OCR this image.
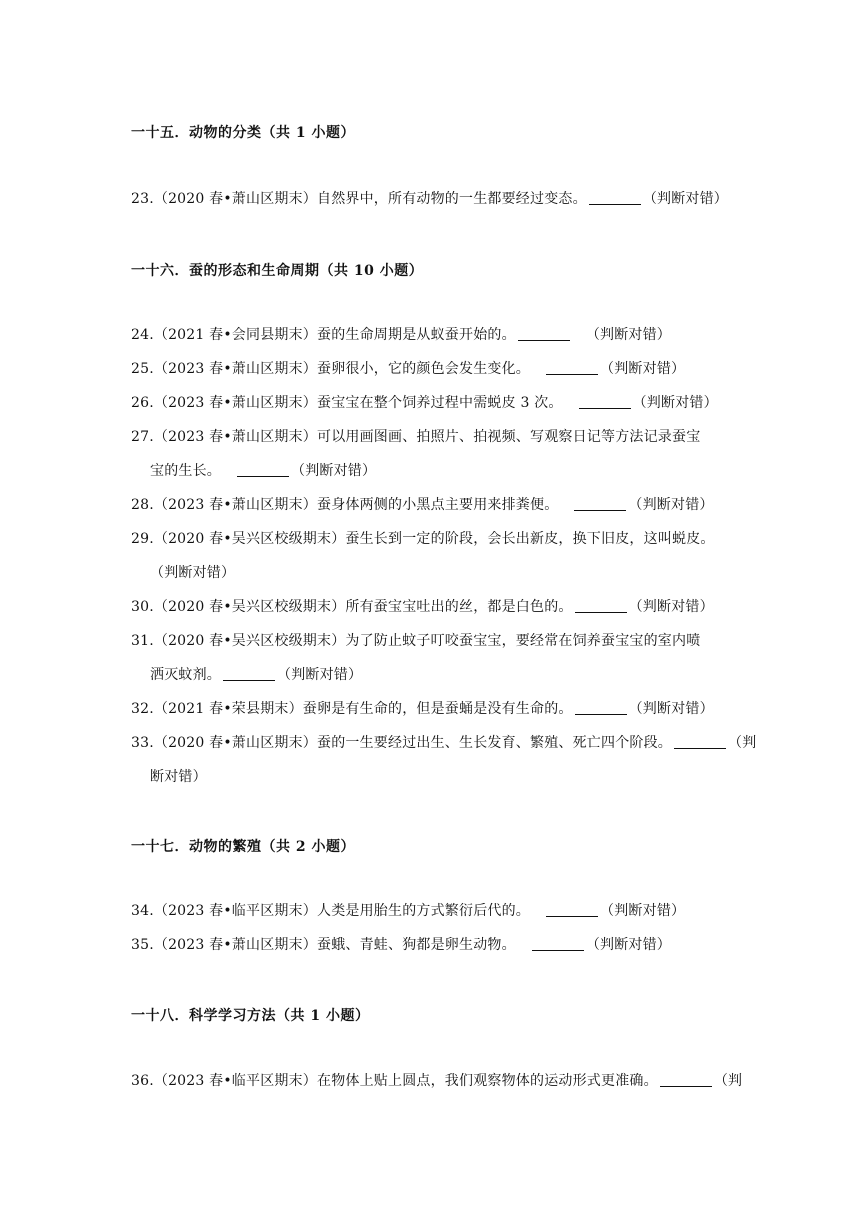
一十五．动物的分类（共 1 小题）
23.（2020 春•萧山区期末）自然界中，所有动物的一生都要经过变态。	（判断对错）
一十六．蚕的形态和生命周期（共 10 小题）
24.（2021 春•会同县期末）蚕的生命周期是从蚁蚕开始的。	（判断对错）
25.（2023 春•萧山区期末）蚕卵很小，它的颜色会发生变化。	（判断对错）
26.（2023 春•萧山区期末）蚕宝宝在整个饲养过程中需蜕皮 3 次。	（判断对错）
27.（2023 春•萧山区期末）可以用画图画、拍照片、拍视频、写观察日记等方法记录蚕宝
宝的生长。	（判断对错）
28.（2023 春•萧山区期末）蚕身体两侧的小黑点主要用来排粪便。	（判断对错）
29.（2020 春•吴兴区校级期末）蚕生长到一定的阶段，会长出新皮，换下旧皮，这叫蜕皮。
（判断对错）
30.（2020 春•吴兴区校级期末）所有蚕宝宝吐出的丝，都是白色的。	（判断对错）
31.（2020 春•吴兴区校级期末）为了防止蚊子叮咬蚕宝宝，要经常在饲养蚕宝宝的室内喷
洒灭蚊剂。	（判断对错）
32.（2021 春•荣县期末）蚕卵是有生命的，但是蚕蛹是没有生命的。	（判断对错）
33.（2020 春•萧山区期末）蚕的一生要经过出生、生长发育、繁殖、死亡四个阶段。	（判
断对错）
一十七．动物的繁殖（共 2 小题）
34.（2023 春•临平区期末）人类是用胎生的方式繁衍后代的。	（判断对错）
35.（2023 春•萧山区期末）蚕蛾、青蛙、狗都是卵生动物。	（判断对错）
一十八．科学学习方法（共 1 小题）
36.（2023 春•临平区期末）在物体上贴上圆点，我们观察物体的运动形式更准确。	（判
